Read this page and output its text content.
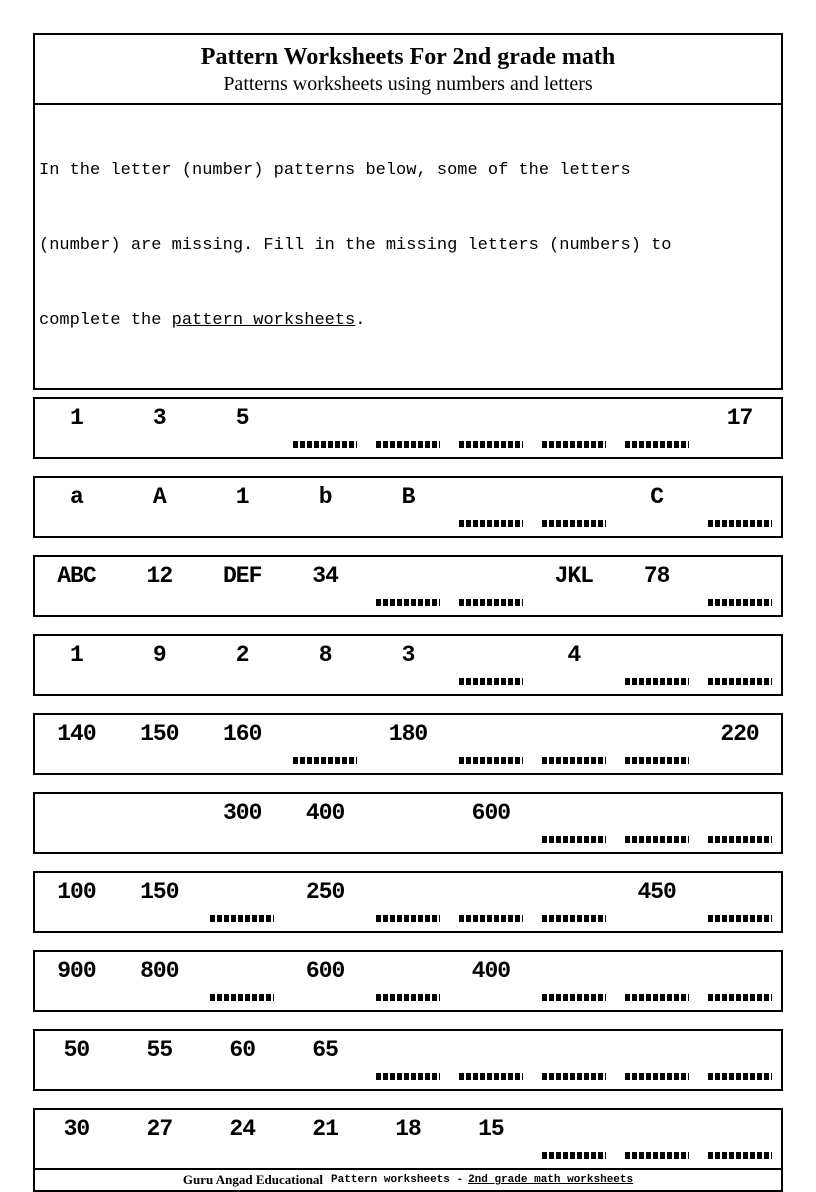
Pattern Worksheets For 2nd grade math
Patterns worksheets using numbers and letters

In the letter (number) patterns below, some of the letters

(number) are missing. Fill in the missing letters (numbers) to

complete the pattern worksheets.

1	3	5	17
a	A	1	b	B	C
ABC	12	DEF	34	JKL	78
1	9	2	8	3	4
140	150	160	180	220
300	400	600
100	150	250	450
900	800	600	400
50	55	60	65
30	27	24	21	18	15
Guru Angad Educational Pattern worksheets - 2nd grade math worksheets
